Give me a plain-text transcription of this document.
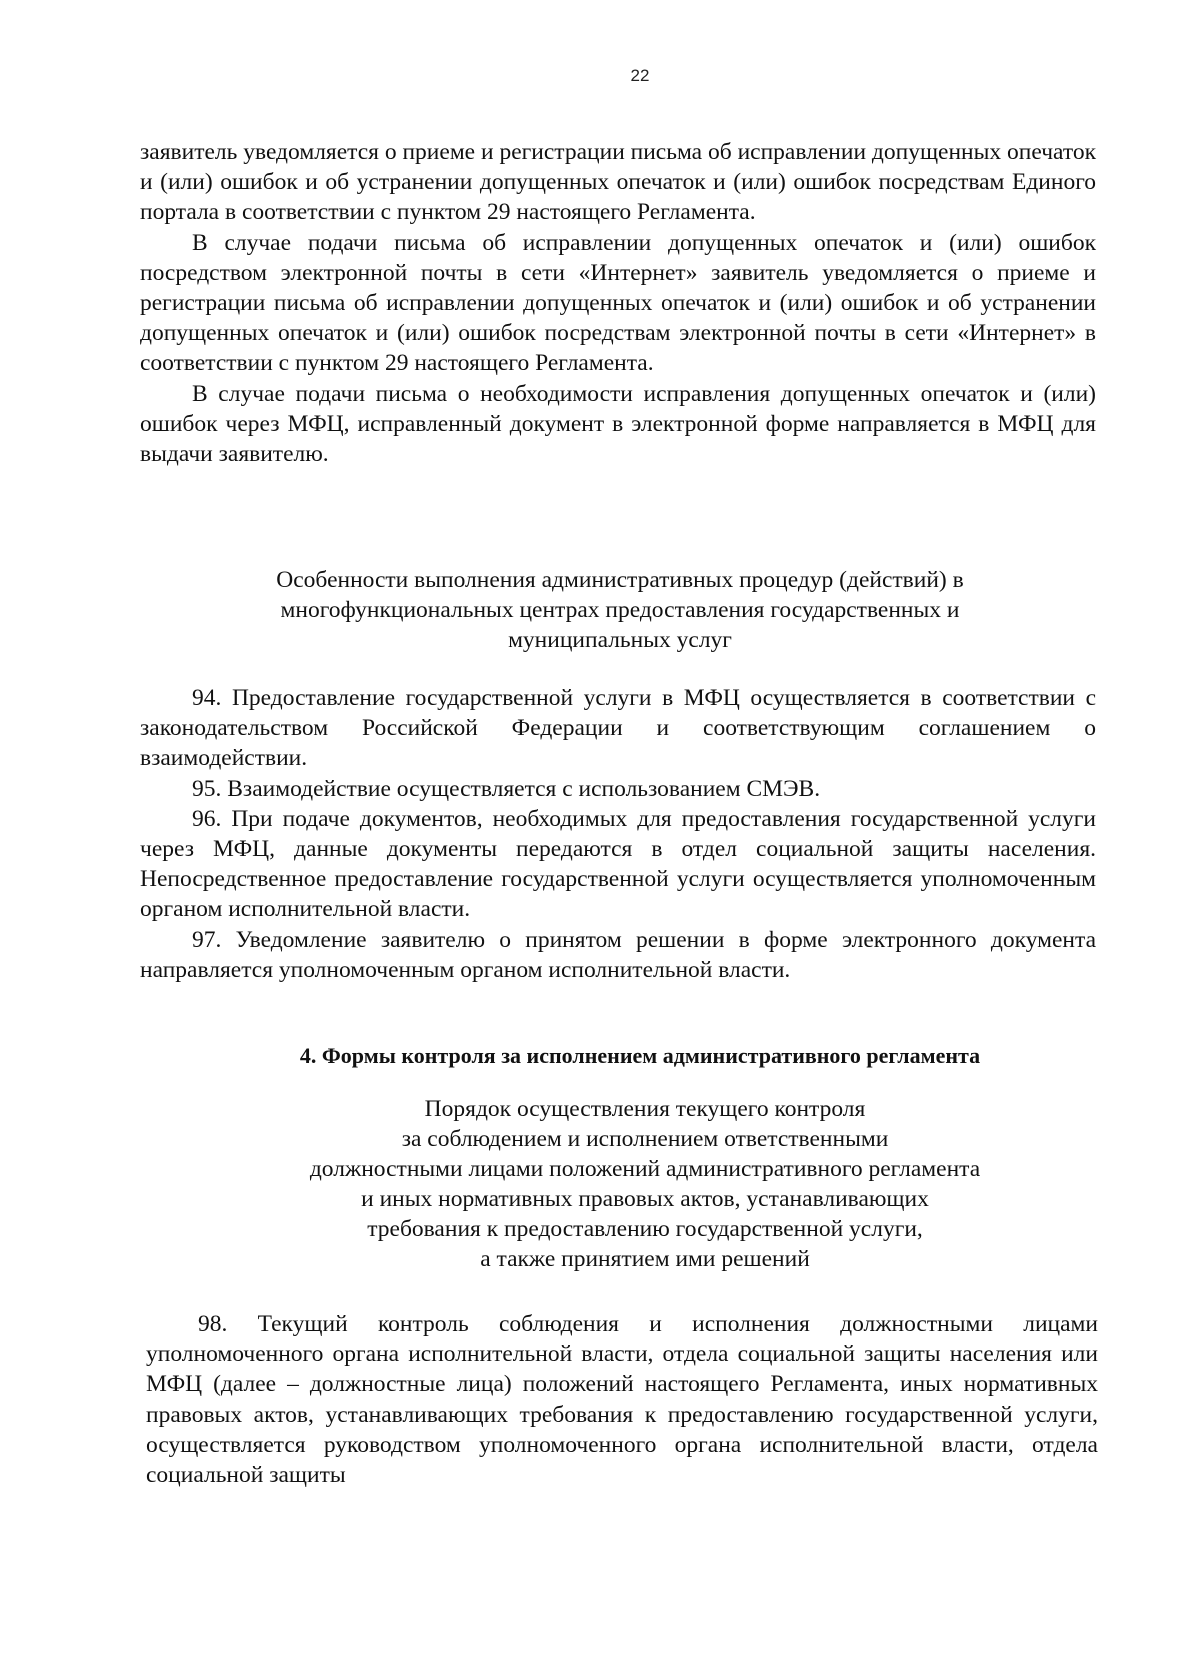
22

заявитель уведомляется о приеме и регистрации письма об исправлении допущенных опечаток и (или) ошибок и об устранении допущенных опечаток и (или) ошибок посредствам Единого портала в соответствии с пунктом 29 настоящего Регламента.

В случае подачи письма об исправлении допущенных опечаток и (или) ошибок посредством электронной почты в сети «Интернет» заявитель уведомляется о приеме и регистрации письма об исправлении допущенных опечаток и (или) ошибок и об устранении допущенных опечаток и (или) ошибок посредствам электронной почты в сети «Интернет» в соответствии с пунктом 29 настоящего Регламента.

В случае подачи письма о необходимости исправления допущенных опечаток и (или) ошибок через МФЦ, исправленный документ в электронной форме направляется в МФЦ для выдачи заявителю.

Особенности выполнения административных процедур (действий) в
многофункциональных центрах предоставления государственных и
муниципальных услуг

94. Предоставление государственной услуги в МФЦ осуществляется в соответствии с законодательством Российской Федерации и соответствующим соглашением о взаимодействии.

95. Взаимодействие осуществляется с использованием СМЭВ.

96. При подаче документов, необходимых для предоставления государственной услуги через МФЦ, данные документы передаются в отдел социальной защиты населения. Непосредственное предоставление государственной услуги осуществляется уполномоченным органом исполнительной власти.

97. Уведомление заявителю о принятом решении в форме электронного документа направляется уполномоченным органом исполнительной власти.

4. Формы контроля за исполнением административного регламента
Порядок осуществления текущего контроля
за соблюдением и исполнением ответственными
должностными лицами положений административного регламента
и иных нормативных правовых актов, устанавливающих
требования к предоставлению государственной услуги,
а также принятием ими решений

98. Текущий контроль соблюдения и исполнения должностными лицами уполномоченного органа исполнительной власти, отдела социальной защиты населения или МФЦ (далее – должностные лица) положений настоящего Регламента, иных нормативных правовых актов, устанавливающих требования к предоставлению государственной услуги, осуществляется руководством уполномоченного органа исполнительной власти, отдела социальной защиты
